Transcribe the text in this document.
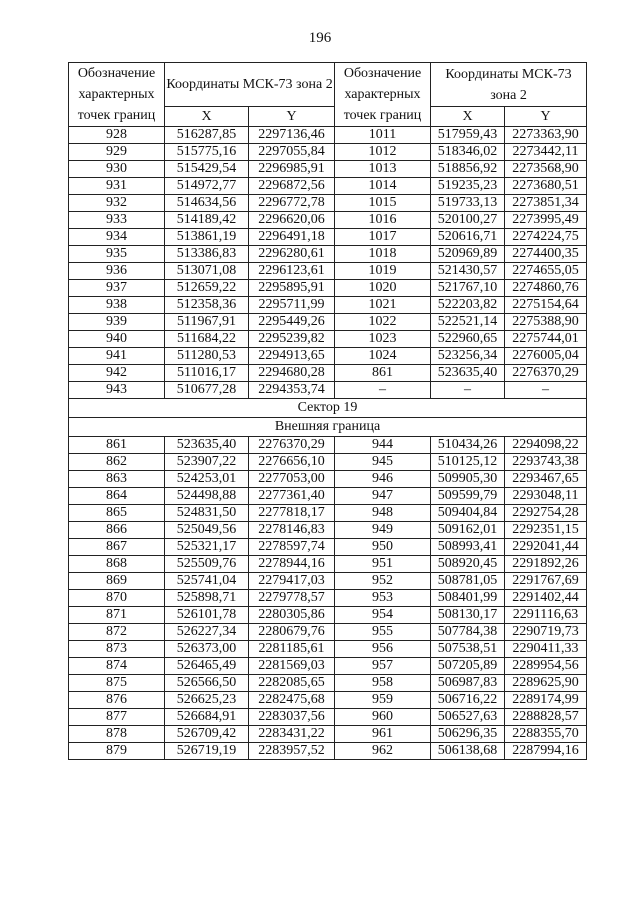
196
Обозначение характерных точек границ	Координаты МСК-73 зона 2		Обозначение характерных точек границ	Координаты МСК-73 зона 2	
	X	Y		X	Y
928	516287,85	2297136,46	1011	517959,43	2273363,90
929	515775,16	2297055,84	1012	518346,02	2273442,11
930	515429,54	2296985,91	1013	518856,92	2273568,90
931	514972,77	2296872,56	1014	519235,23	2273680,51
932	514634,56	2296772,78	1015	519733,13	2273851,34
933	514189,42	2296620,06	1016	520100,27	2273995,49
934	513861,19	2296491,18	1017	520616,71	2274224,75
935	513386,83	2296280,61	1018	520969,89	2274400,35
936	513071,08	2296123,61	1019	521430,57	2274655,05
937	512659,22	2295895,91	1020	521767,10	2274860,76
938	512358,36	2295711,99	1021	522203,82	2275154,64
939	511967,91	2295449,26	1022	522521,14	2275388,90
940	511684,22	2295239,82	1023	522960,65	2275744,01
941	511280,53	2294913,65	1024	523256,34	2276005,04
942	511016,17	2294680,28	861	523635,40	2276370,29
943	510677,28	2294353,74	–	–	–
Сектор 19					
Внешняя граница					
861	523635,40	2276370,29	944	510434,26	2294098,22
862	523907,22	2276656,10	945	510125,12	2293743,38
863	524253,01	2277053,00	946	509905,30	2293467,65
864	524498,88	2277361,40	947	509599,79	2293048,11
865	524831,50	2277818,17	948	509404,84	2292754,28
866	525049,56	2278146,83	949	509162,01	2292351,15
867	525321,17	2278597,74	950	508993,41	2292041,44
868	525509,76	2278944,16	951	508920,45	2291892,26
869	525741,04	2279417,03	952	508781,05	2291767,69
870	525898,71	2279778,57	953	508401,99	2291402,44
871	526101,78	2280305,86	954	508130,17	2291116,63
872	526227,34	2280679,76	955	507784,38	2290719,73
873	526373,00	2281185,61	956	507538,51	2290411,33
874	526465,49	2281569,03	957	507205,89	2289954,56
875	526566,50	2282085,65	958	506987,83	2289625,90
876	526625,23	2282475,68	959	506716,22	2289174,99
877	526684,91	2283037,56	960	506527,63	2288828,57
878	526709,42	2283431,22	961	506296,35	2288355,70
879	526719,19	2283957,52	962	506138,68	2287994,16
